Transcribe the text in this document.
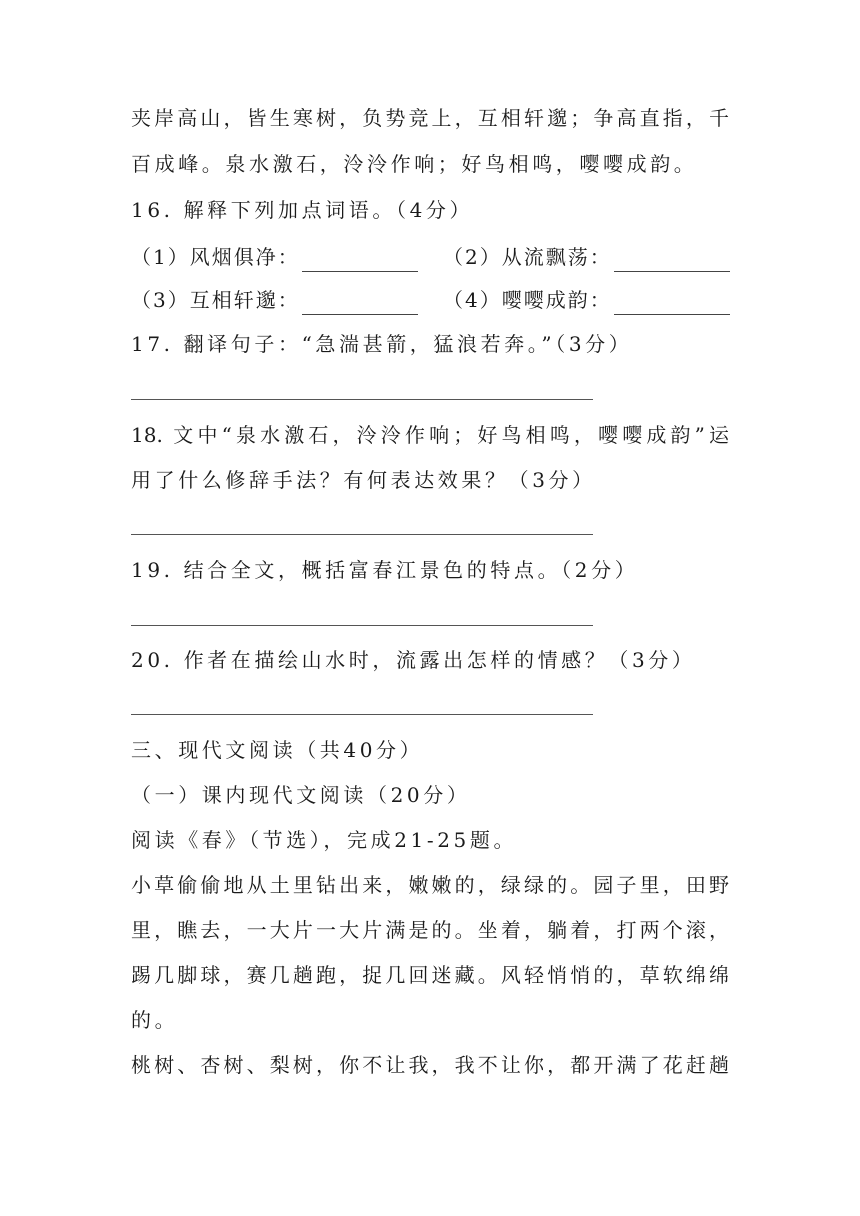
夹岸高山，皆生寒树，负势竞上，互相轩邈；争高直指，千
百成峰。泉水激石，泠泠作响；好鸟相鸣，嘤嘤成韵。
16. 解释下列加点词语。（4分）
（1）风烟俱净：	（2）从流飘荡：
（3）互相轩邈：	（4）嘤嘤成韵：
17. 翻译句子：“急湍甚箭，猛浪若奔。”（3分）
18. 文中“泉水激石，泠泠作响；好鸟相鸣，嘤嘤成韵”运
用了什么修辞手法？有何表达效果？（3分）
19. 结合全文，概括富春江景色的特点。（2分）
20. 作者在描绘山水时，流露出怎样的情感？（3分）
三、现代文阅读（共40分）
（一）课内现代文阅读（20分）
阅读《春》（节选），完成21-25题。
小草偷偷地从土里钻出来，嫩嫩的，绿绿的。园子里，田野
里，瞧去，一大片一大片满是的。坐着，躺着，打两个滚，
踢几脚球，赛几趟跑，捉几回迷藏。风轻悄悄的，草软绵绵
的。
桃树、杏树、梨树，你不让我，我不让你，都开满了花赶趟
